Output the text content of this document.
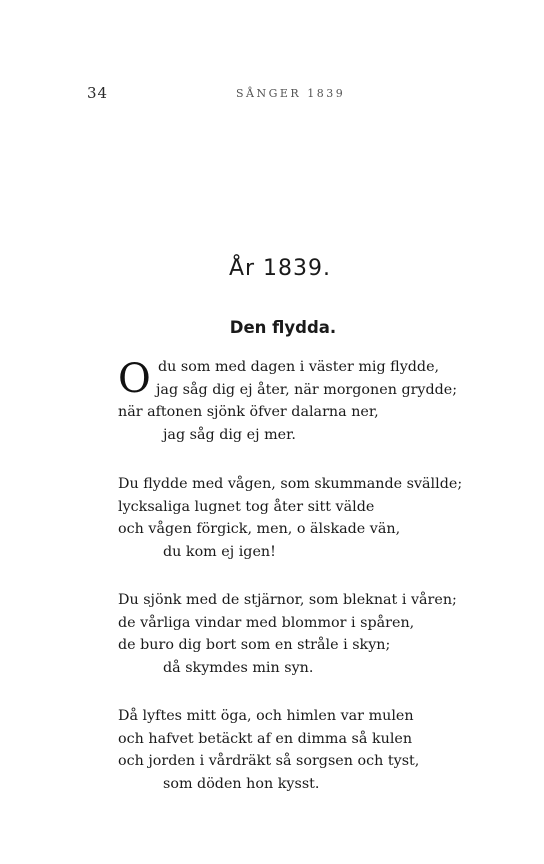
34	SÅNGER 1839
År 1839.
Den flydda.
O du som med dagen i väster mig flydde,
jag såg dig ej åter, när morgonen grydde;
när aftonen sjönk öfver dalarna ner,
jag såg dig ej mer.
Du flydde med vågen, som skummande svällde;
lycksaliga lugnet tog åter sitt välde
och vågen förgick, men, o älskade vän,
du kom ej igen!
Du sjönk med de stjärnor, som bleknat i våren;
de vårliga vindar med blommor i spåren,
de buro dig bort som en stråle i skyn;
då skymdes min syn.
Då lyftes mitt öga, och himlen var mulen
och hafvet betäckt af en dimma så kulen
och jorden i vårdräkt så sorgsen och tyst,
som döden hon kysst.
